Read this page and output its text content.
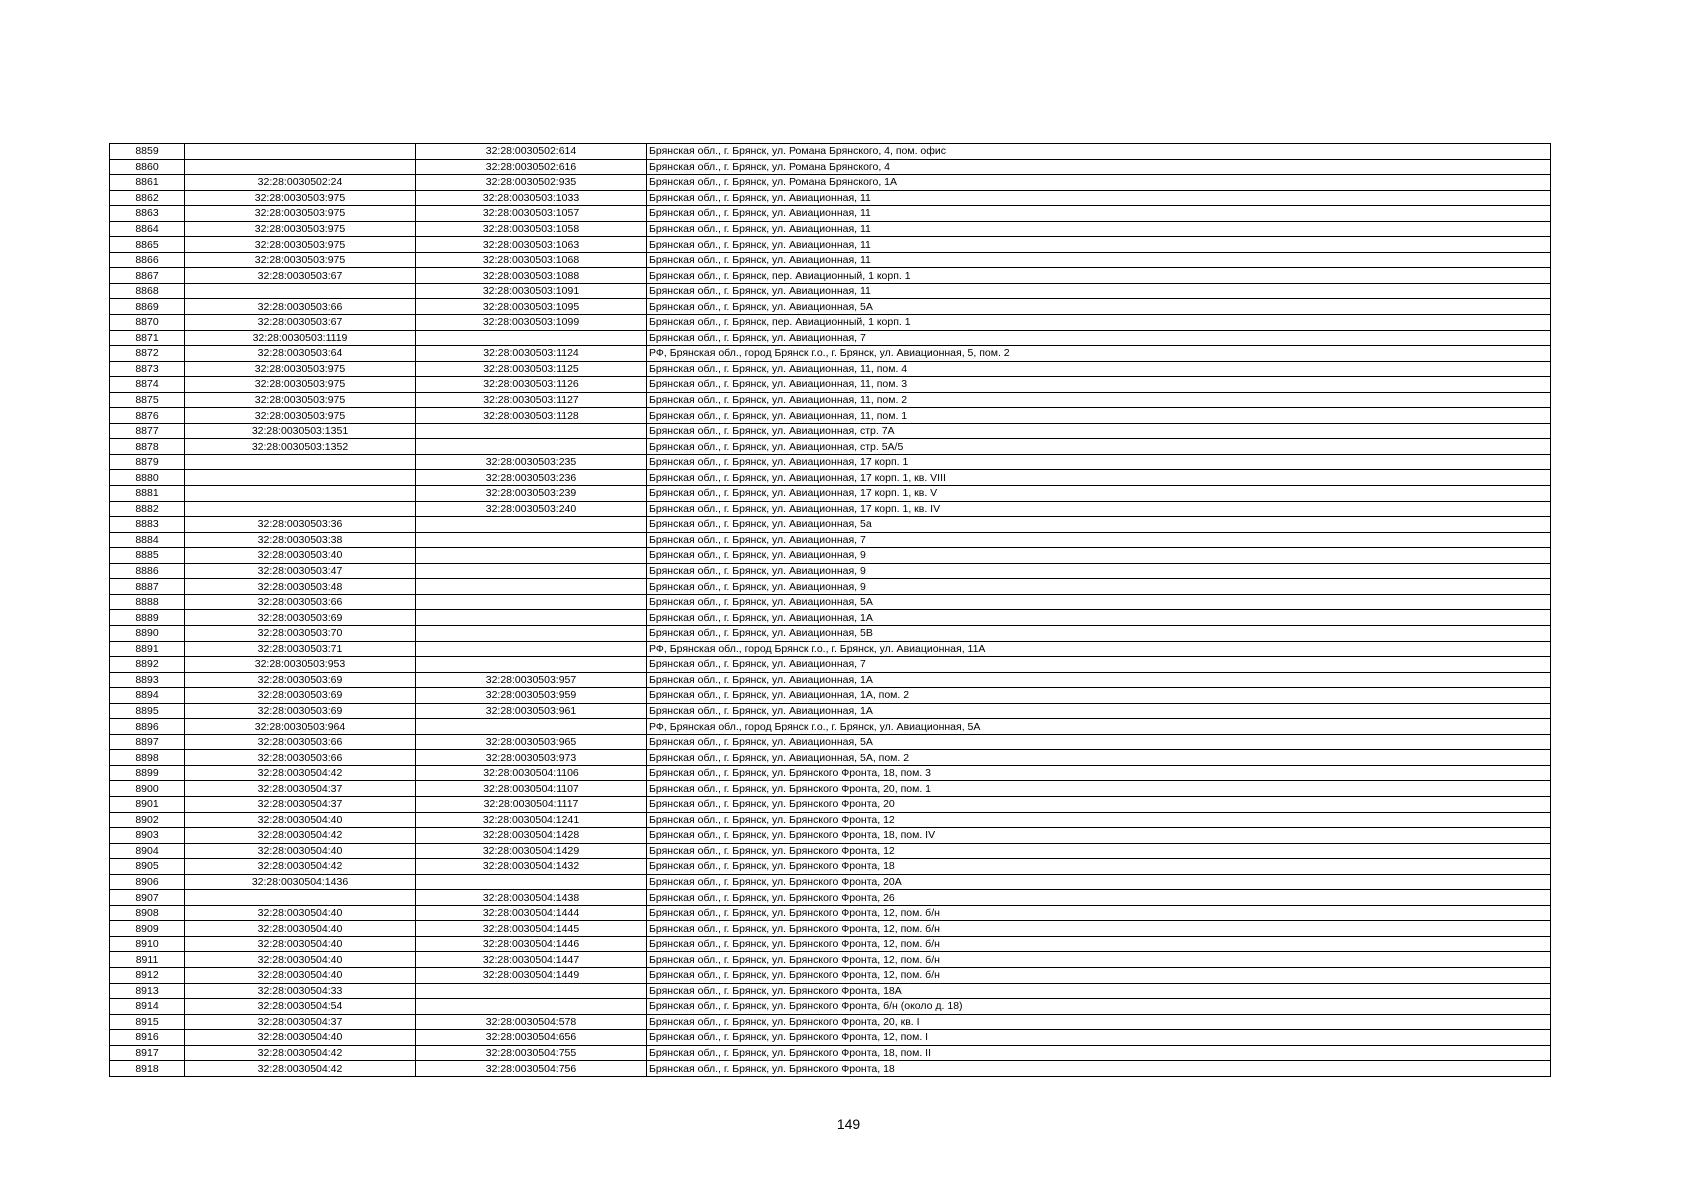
8859		32:28:0030502:614	Брянская обл., г. Брянск, ул. Романа Брянского, 4, пом. офис
8860		32:28:0030502:616	Брянская обл., г. Брянск, ул. Романа Брянского, 4
8861	32:28:0030502:24	32:28:0030502:935	Брянская обл., г. Брянск, ул. Романа Брянского, 1А
8862	32:28:0030503:975	32:28:0030503:1033	Брянская обл., г. Брянск, ул. Авиационная, 11
8863	32:28:0030503:975	32:28:0030503:1057	Брянская обл., г. Брянск, ул. Авиационная, 11
8864	32:28:0030503:975	32:28:0030503:1058	Брянская обл., г. Брянск, ул. Авиационная, 11
8865	32:28:0030503:975	32:28:0030503:1063	Брянская обл., г. Брянск, ул. Авиационная, 11
8866	32:28:0030503:975	32:28:0030503:1068	Брянская обл., г. Брянск, ул. Авиационная, 11
8867	32:28:0030503:67	32:28:0030503:1088	Брянская обл., г. Брянск, пер. Авиационный, 1 корп. 1
8868		32:28:0030503:1091	Брянская обл., г. Брянск, ул. Авиационная, 11
8869	32:28:0030503:66	32:28:0030503:1095	Брянская обл., г. Брянск, ул. Авиационная, 5А
8870	32:28:0030503:67	32:28:0030503:1099	Брянская обл., г. Брянск, пер. Авиационный, 1 корп. 1
8871	32:28:0030503:1119		Брянская обл., г. Брянск, ул. Авиационная, 7
8872	32:28:0030503:64	32:28:0030503:1124	РФ, Брянская обл., город Брянск г.о., г. Брянск, ул. Авиационная, 5, пом. 2
8873	32:28:0030503:975	32:28:0030503:1125	Брянская обл., г. Брянск, ул. Авиационная, 11, пом. 4
8874	32:28:0030503:975	32:28:0030503:1126	Брянская обл., г. Брянск, ул. Авиационная, 11, пом. 3
8875	32:28:0030503:975	32:28:0030503:1127	Брянская обл., г. Брянск, ул. Авиационная, 11, пом. 2
8876	32:28:0030503:975	32:28:0030503:1128	Брянская обл., г. Брянск, ул. Авиационная, 11, пом. 1
8877	32:28:0030503:1351		Брянская обл., г. Брянск, ул. Авиационная, стр. 7А
8878	32:28:0030503:1352		Брянская обл., г. Брянск, ул. Авиационная, стр. 5А/5
8879		32:28:0030503:235	Брянская обл., г. Брянск, ул. Авиационная, 17 корп. 1
8880		32:28:0030503:236	Брянская обл., г. Брянск, ул. Авиационная, 17 корп. 1, кв. VIII
8881		32:28:0030503:239	Брянская обл., г. Брянск, ул. Авиационная, 17 корп. 1, кв. V
8882		32:28:0030503:240	Брянская обл., г. Брянск, ул. Авиационная, 17 корп. 1, кв. IV
8883	32:28:0030503:36		Брянская обл., г. Брянск, ул. Авиационная, 5а
8884	32:28:0030503:38		Брянская обл., г. Брянск, ул. Авиационная, 7
8885	32:28:0030503:40		Брянская обл., г. Брянск, ул. Авиационная, 9
8886	32:28:0030503:47		Брянская обл., г. Брянск, ул. Авиационная, 9
8887	32:28:0030503:48		Брянская обл., г. Брянск, ул. Авиационная, 9
8888	32:28:0030503:66		Брянская обл., г. Брянск, ул. Авиационная, 5А
8889	32:28:0030503:69		Брянская обл., г. Брянск, ул. Авиационная, 1А
8890	32:28:0030503:70		Брянская обл., г. Брянск, ул. Авиационная, 5В
8891	32:28:0030503:71		РФ, Брянская обл., город Брянск г.о., г. Брянск, ул. Авиационная, 11А
8892	32:28:0030503:953		Брянская обл., г. Брянск, ул. Авиационная, 7
8893	32:28:0030503:69	32:28:0030503:957	Брянская обл., г. Брянск, ул. Авиационная, 1А
8894	32:28:0030503:69	32:28:0030503:959	Брянская обл., г. Брянск, ул. Авиационная, 1А, пом. 2
8895	32:28:0030503:69	32:28:0030503:961	Брянская обл., г. Брянск, ул. Авиационная, 1А
8896	32:28:0030503:964		РФ, Брянская обл., город Брянск г.о., г. Брянск, ул. Авиационная, 5А
8897	32:28:0030503:66	32:28:0030503:965	Брянская обл., г. Брянск, ул. Авиационная, 5А
8898	32:28:0030503:66	32:28:0030503:973	Брянская обл., г. Брянск, ул. Авиационная, 5А, пом. 2
8899	32:28:0030504:42	32:28:0030504:1106	Брянская обл., г. Брянск, ул. Брянского Фронта, 18, пом. 3
8900	32:28:0030504:37	32:28:0030504:1107	Брянская обл., г. Брянск, ул. Брянского Фронта, 20, пом. 1
8901	32:28:0030504:37	32:28:0030504:1117	Брянская обл., г. Брянск, ул. Брянского Фронта, 20
8902	32:28:0030504:40	32:28:0030504:1241	Брянская обл., г. Брянск, ул. Брянского Фронта, 12
8903	32:28:0030504:42	32:28:0030504:1428	Брянская обл., г. Брянск, ул. Брянского Фронта, 18, пом. IV
8904	32:28:0030504:40	32:28:0030504:1429	Брянская обл., г. Брянск, ул. Брянского Фронта, 12
8905	32:28:0030504:42	32:28:0030504:1432	Брянская обл., г. Брянск, ул. Брянского Фронта, 18
8906	32:28:0030504:1436		Брянская обл., г. Брянск, ул. Брянского Фронта, 20А
8907		32:28:0030504:1438	Брянская обл., г. Брянск, ул. Брянского Фронта, 26
8908	32:28:0030504:40	32:28:0030504:1444	Брянская обл., г. Брянск, ул. Брянского Фронта, 12, пом. б/н
8909	32:28:0030504:40	32:28:0030504:1445	Брянская обл., г. Брянск, ул. Брянского Фронта, 12, пом. б/н
8910	32:28:0030504:40	32:28:0030504:1446	Брянская обл., г. Брянск, ул. Брянского Фронта, 12, пом. б/н
8911	32:28:0030504:40	32:28:0030504:1447	Брянская обл., г. Брянск, ул. Брянского Фронта, 12, пом. б/н
8912	32:28:0030504:40	32:28:0030504:1449	Брянская обл., г. Брянск, ул. Брянского Фронта, 12, пом. б/н
8913	32:28:0030504:33		Брянская обл., г. Брянск, ул. Брянского Фронта, 18А
8914	32:28:0030504:54		Брянская обл., г. Брянск, ул. Брянского Фронта, б/н (около д. 18)
8915	32:28:0030504:37	32:28:0030504:578	Брянская обл., г. Брянск, ул. Брянского Фронта, 20, кв. I
8916	32:28:0030504:40	32:28:0030504:656	Брянская обл., г. Брянск, ул. Брянского Фронта, 12, пом. I
8917	32:28:0030504:42	32:28:0030504:755	Брянская обл., г. Брянск, ул. Брянского Фронта, 18, пом. II
8918	32:28:0030504:42	32:28:0030504:756	Брянская обл., г. Брянск, ул. Брянского Фронта, 18
149
